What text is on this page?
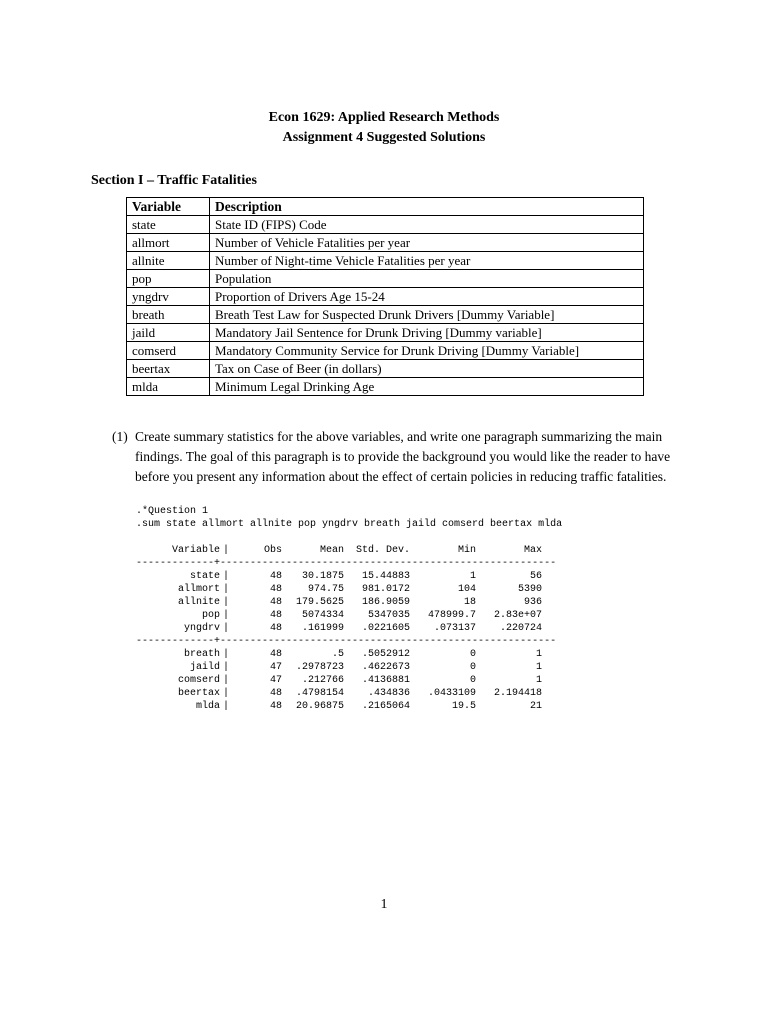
Econ 1629: Applied Research Methods
Assignment 4 Suggested Solutions
Section I – Traffic Fatalities
Variable	Description
state	State ID (FIPS) Code
allmort	Number of Vehicle Fatalities per year
allnite	Number of Night-time Vehicle Fatalities per year
pop	Population
yngdrv	Proportion of Drivers Age 15-24
breath	Breath Test Law for Suspected Drunk Drivers [Dummy Variable]
jaild	Mandatory Jail Sentence for Drunk Driving [Dummy variable]
comserd	Mandatory Community Service for Drunk Driving [Dummy Variable]
beertax	Tax on Case of Beer (in dollars)
mlda	Minimum Legal Drinking Age
(1) Create summary statistics for the above variables, and write one paragraph summarizing the main findings. The goal of this paragraph is to provide the background you would like the reader to have before you present any information about the effect of certain policies in reducing traffic fatalities.
.*Question 1
.sum state allmort allnite pop yngdrv breath jaild comserd beertax mlda
Variable |	Obs	Mean	Std. Dev.	Min	Max
-------------+--------------------------------------------------------
state |	48	30.1875	15.44883	1	56
allmort |	48	974.75	981.0172	104	5390
allnite |	48	179.5625	186.9059	18	936
pop |	48	5074334	5347035	478999.7	2.83e+07
yngdrv |	48	.161999	.0221605	.073137	.220724
-------------+--------------------------------------------------------
breath |	48	.5	.5052912	0	1
jaild |	47	.2978723	.4622673	0	1
comserd |	47	.212766	.4136881	0	1
beertax |	48	.4798154	.434836	.0433109	2.194418
mlda |	48	20.96875	.2165064	19.5	21
1
